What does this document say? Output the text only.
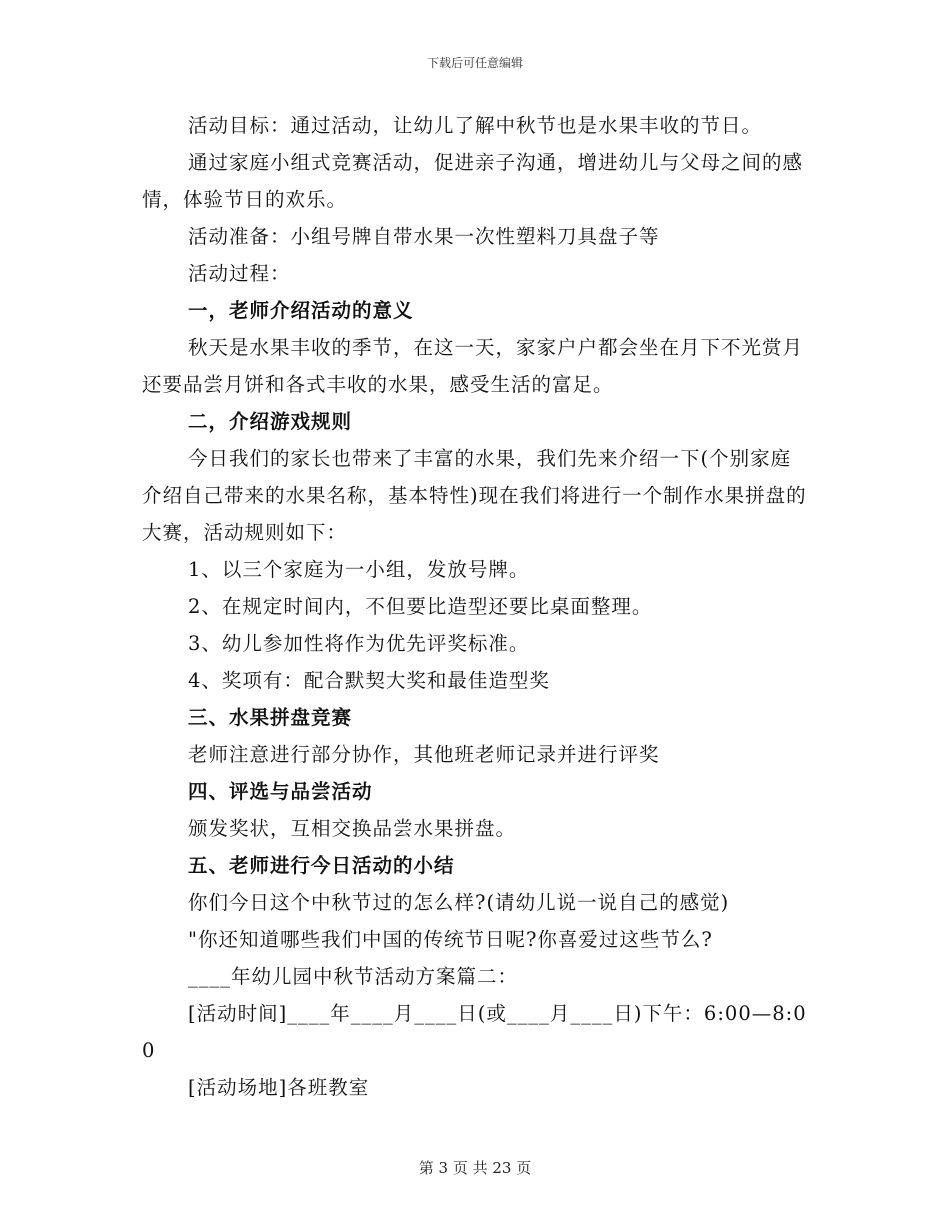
下载后可任意编辑

活动目标：通过活动，让幼儿了解中秋节也是水果丰收的节日。

通过家庭小组式竞赛活动，促进亲子沟通，增进幼儿与父母之间的感情，体验节日的欢乐。

活动准备：小组号牌自带水果一次性塑料刀具盘子等

活动过程：

一，老师介绍活动的意义

秋天是水果丰收的季节，在这一天，家家户户都会坐在月下不光赏月还要品尝月饼和各式丰收的水果，感受生活的富足。

二，介绍游戏规则

今日我们的家长也带来了丰富的水果，我们先来介绍一下(个别家庭介绍自己带来的水果名称，基本特性)现在我们将进行一个制作水果拼盘的大赛，活动规则如下：

1、以三个家庭为一小组，发放号牌。

2、在规定时间内，不但要比造型还要比桌面整理。

3、幼儿参加性将作为优先评奖标准。

4、奖项有：配合默契大奖和最佳造型奖

三、水果拼盘竞赛

老师注意进行部分协作，其他班老师记录并进行评奖

四、评选与品尝活动

颁发奖状，互相交换品尝水果拼盘。

五、老师进行今日活动的小结

你们今日这个中秋节过的怎么样?(请幼儿说一说自己的感觉)

"你还知道哪些我们中国的传统节日呢?你喜爱过这些节么?

____年幼儿园中秋节活动方案篇二：

[活动时间]____年____月____日(或____月____日)下午：6:00—8:00

[活动场地]各班教室

第 3 页 共 23 页
